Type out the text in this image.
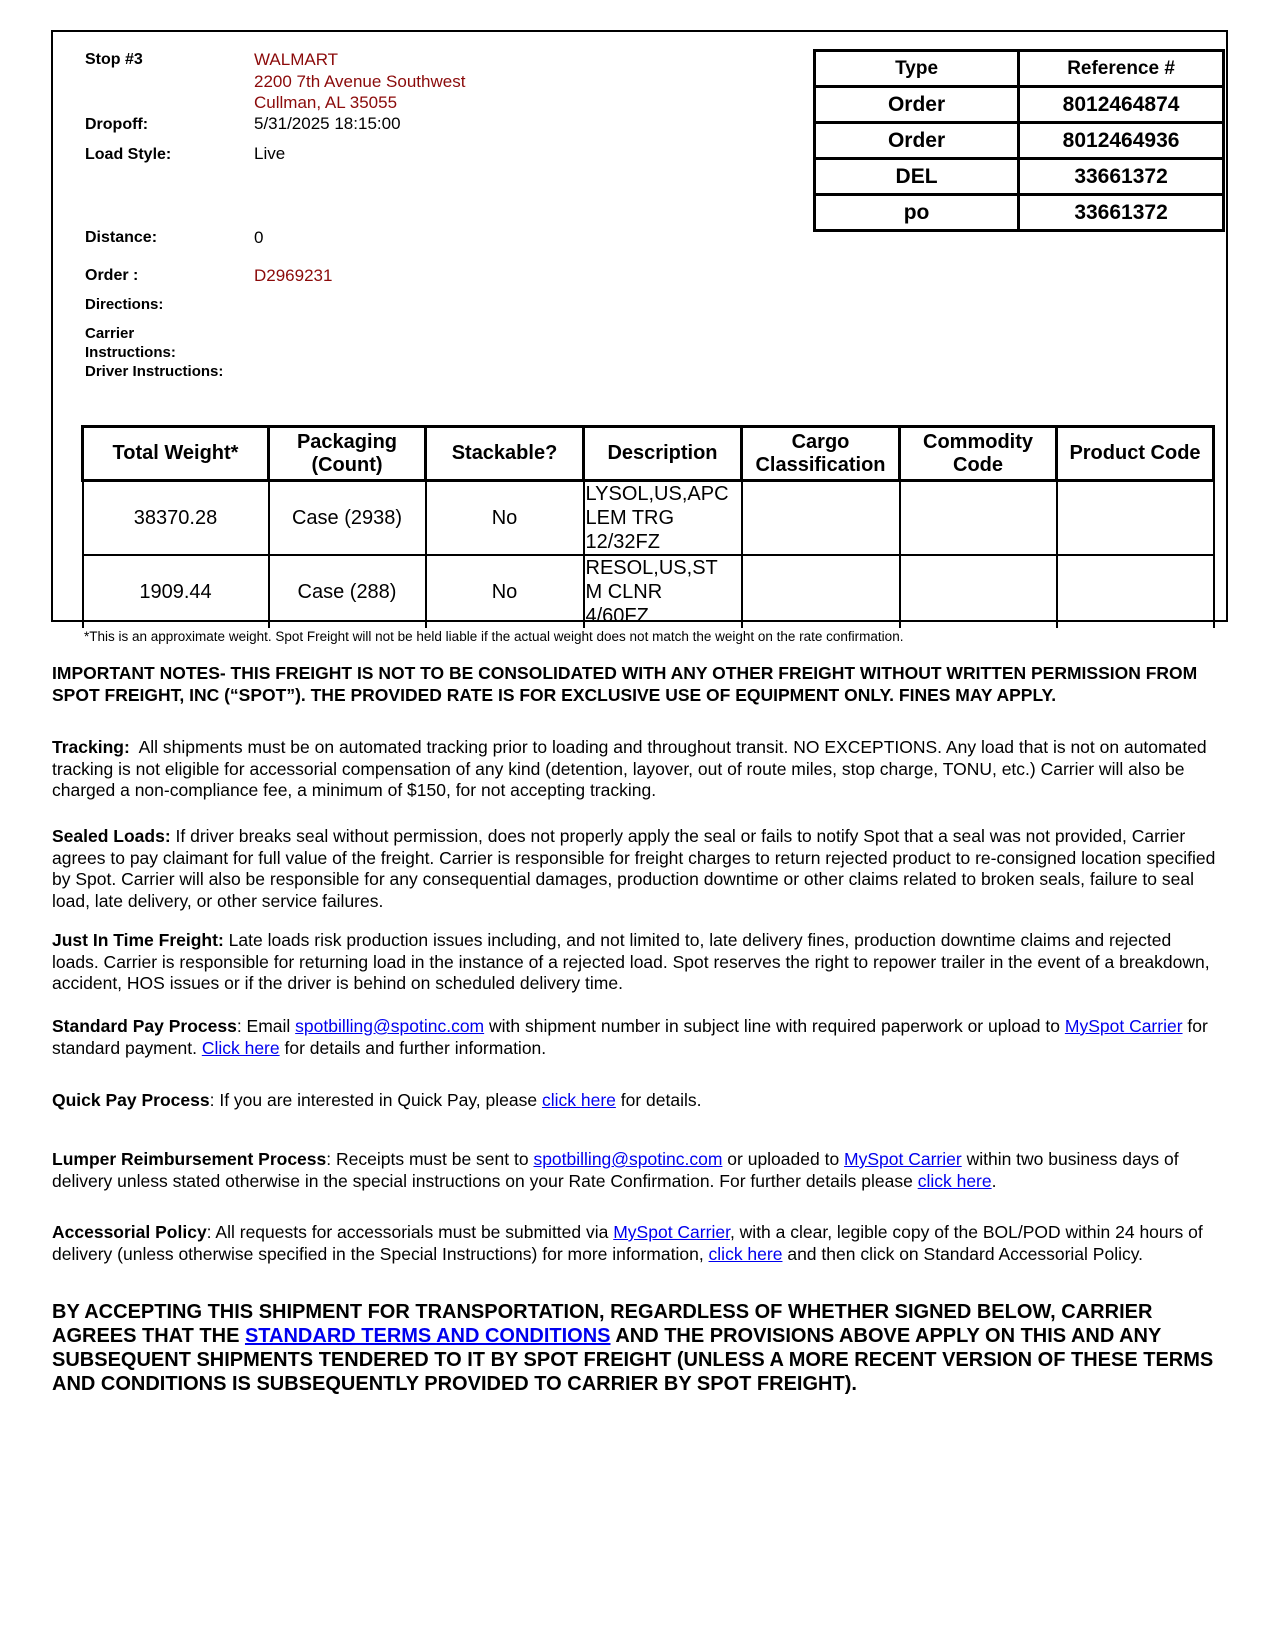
Stop #3	WALMART
2200 7th Avenue Southwest
Cullman, AL 35055
Dropoff:	5/31/2025 18:15:00
Load Style:	Live
Distance:	0
Order :	D2969231
Directions:
Carrier
Instructions:
Driver Instructions:
Type	Reference #
Order	8012464874
Order	8012464936
DEL	33661372
po	33661372
Total Weight*	Packaging (Count)	Stackable?	Description	Cargo Classification	Commodity Code	Product Code
38370.28	Case (2938)	No	LYSOL,US,APC
LEM TRG
12/32FZ			

1909.44	Case (288)	No	RESOL,US,ST
M CLNR
4/60FZ			

*This is an approximate weight. Spot Freight will not be held liable if the actual weight does not match the weight on the rate confirmation.
IMPORTANT NOTES- THIS FREIGHT IS NOT TO BE CONSOLIDATED WITH ANY OTHER FREIGHT WITHOUT WRITTEN PERMISSION FROM SPOT FREIGHT, INC (“SPOT”). THE PROVIDED RATE IS FOR EXCLUSIVE USE OF EQUIPMENT ONLY. FINES MAY APPLY.
Tracking: All shipments must be on automated tracking prior to loading and throughout transit. NO EXCEPTIONS. Any load that is not on automated tracking is not eligible for accessorial compensation of any kind (detention, layover, out of route miles, stop charge, TONU, etc.) Carrier will also be charged a non-compliance fee, a minimum of $150, for not accepting tracking.
Sealed Loads: If driver breaks seal without permission, does not properly apply the seal or fails to notify Spot that a seal was not provided, Carrier agrees to pay claimant for full value of the freight. Carrier is responsible for freight charges to return rejected product to re-consigned location specified by Spot. Carrier will also be responsible for any consequential damages, production downtime or other claims related to broken seals, failure to seal load, late delivery, or other service failures.
Just In Time Freight: Late loads risk production issues including, and not limited to, late delivery fines, production downtime claims and rejected loads. Carrier is responsible for returning load in the instance of a rejected load. Spot reserves the right to repower trailer in the event of a breakdown, accident, HOS issues or if the driver is behind on scheduled delivery time.
Standard Pay Process: Email spotbilling@spotinc.com with shipment number in subject line with required paperwork or upload to MySpot Carrier for standard payment. Click here for details and further information.
Quick Pay Process: If you are interested in Quick Pay, please click here for details.
Lumper Reimbursement Process: Receipts must be sent to spotbilling@spotinc.com or uploaded to MySpot Carrier within two business days of delivery unless stated otherwise in the special instructions on your Rate Confirmation. For further details please click here.
Accessorial Policy: All requests for accessorials must be submitted via MySpot Carrier, with a clear, legible copy of the BOL/POD within 24 hours of delivery (unless otherwise specified in the Special Instructions) for more information, click here and then click on Standard Accessorial Policy.
BY ACCEPTING THIS SHIPMENT FOR TRANSPORTATION, REGARDLESS OF WHETHER SIGNED BELOW, CARRIER AGREES THAT THE STANDARD TERMS AND CONDITIONS AND THE PROVISIONS ABOVE APPLY ON THIS AND ANY SUBSEQUENT SHIPMENTS TENDERED TO IT BY SPOT FREIGHT (UNLESS A MORE RECENT VERSION OF THESE TERMS AND CONDITIONS IS SUBSEQUENTLY PROVIDED TO CARRIER BY SPOT FREIGHT).
